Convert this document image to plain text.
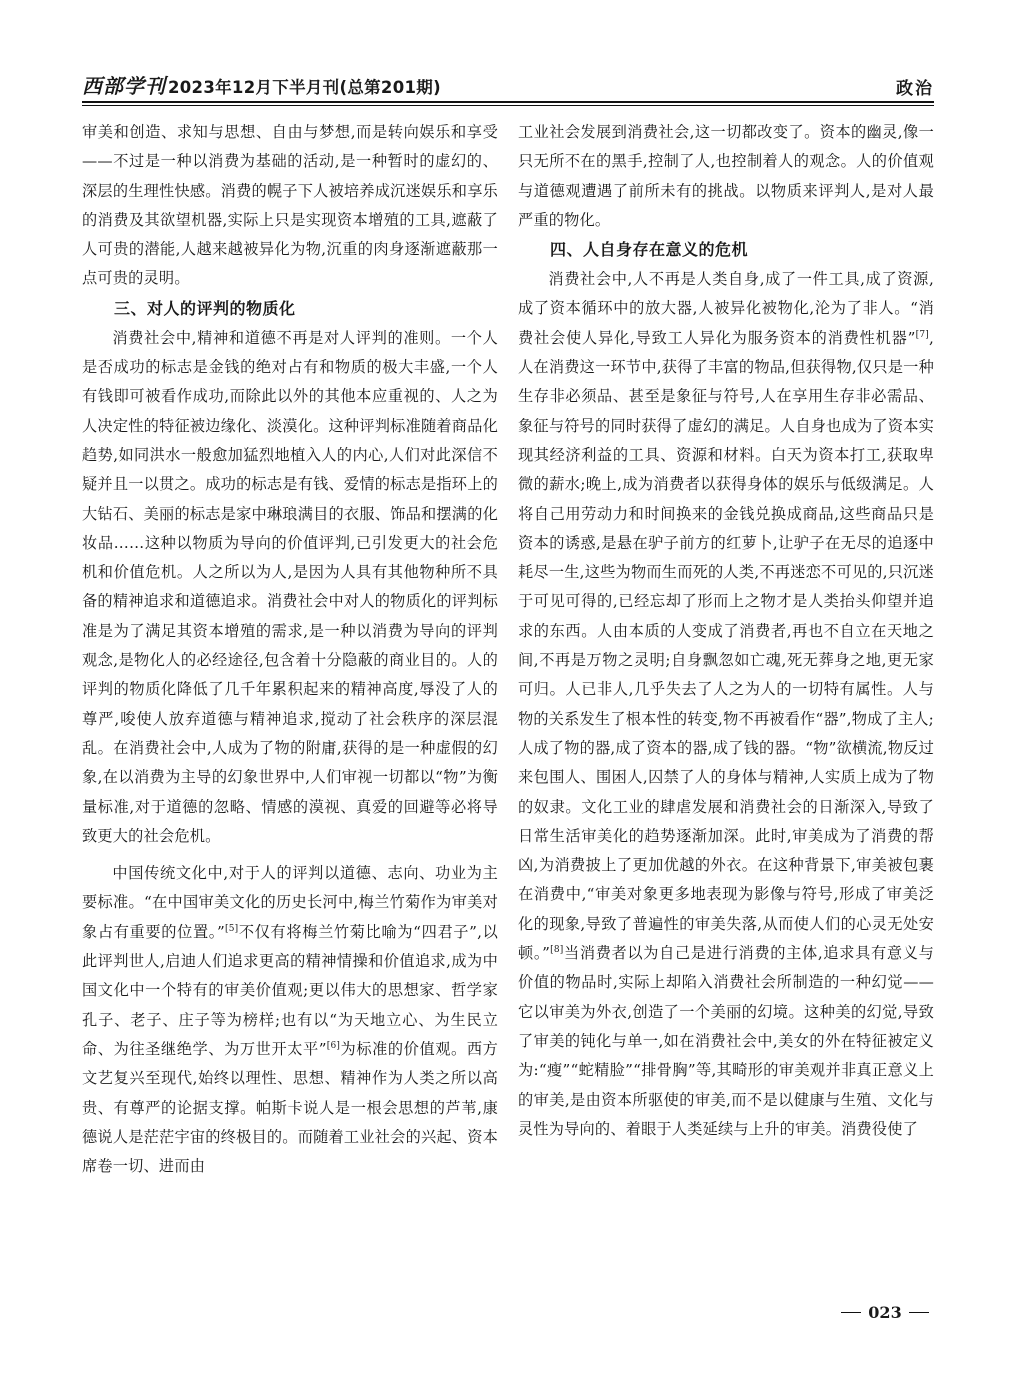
西部学刊 2023年12月下半月刊(总第201期)	政治

审美和创造、求知与思想、自由与梦想,而是转向娱乐和享受——不过是一种以消费为基础的活动,是一种暂时的虚幻的、深层的生理性快感。消费的幌子下人被培养成沉迷娱乐和享乐的消费及其欲望机器,实际上只是实现资本增殖的工具,遮蔽了人可贵的潜能,人越来越被异化为物,沉重的肉身逐渐遮蔽那一点可贵的灵明。

三、对人的评判的物质化

消费社会中,精神和道德不再是对人评判的准则。一个人是否成功的标志是金钱的绝对占有和物质的极大丰盛,一个人有钱即可被看作成功,而除此以外的其他本应重视的、人之为人决定性的特征被边缘化、淡漠化。这种评判标准随着商品化趋势,如同洪水一般愈加猛烈地植入人的内心,人们对此深信不疑并且一以贯之。成功的标志是有钱、爱情的标志是指环上的大钻石、美丽的标志是家中琳琅满目的衣服、饰品和摆满的化妆品……这种以物质为导向的价值评判,已引发更大的社会危机和价值危机。人之所以为人,是因为人具有其他物种所不具备的精神追求和道德追求。消费社会中对人的物质化的评判标准是为了满足其资本增殖的需求,是一种以消费为导向的评判观念,是物化人的必经途径,包含着十分隐蔽的商业目的。人的评判的物质化降低了几千年累积起来的精神高度,辱没了人的尊严,唆使人放弃道德与精神追求,搅动了社会秩序的深层混乱。在消费社会中,人成为了物的附庸,获得的是一种虚假的幻象,在以消费为主导的幻象世界中,人们审视一切都以“物”为衡量标准,对于道德的忽略、情感的漠视、真爱的回避等必将导致更大的社会危机。

中国传统文化中,对于人的评判以道德、志向、功业为主要标准。“在中国审美文化的历史长河中,梅兰竹菊作为审美对象占有重要的位置。”[5]不仅有将梅兰竹菊比喻为“四君子”,以此评判世人,启迪人们追求更高的精神情操和价值追求,成为中国文化中一个特有的审美价值观;更以伟大的思想家、哲学家孔子、老子、庄子等为榜样;也有以“为天地立心、为生民立命、为往圣继绝学、为万世开太平”[6]为标准的价值观。西方文艺复兴至现代,始终以理性、思想、精神作为人类之所以高贵、有尊严的论据支撑。帕斯卡说人是一根会思想的芦苇,康德说人是茫茫宇宙的终极目的。而随着工业社会的兴起、资本席卷一切、进而由

工业社会发展到消费社会,这一切都改变了。资本的幽灵,像一只无所不在的黑手,控制了人,也控制着人的观念。人的价值观与道德观遭遇了前所未有的挑战。以物质来评判人,是对人最严重的物化。

四、人自身存在意义的危机

消费社会中,人不再是人类自身,成了一件工具,成了资源,成了资本循环中的放大器,人被异化被物化,沦为了非人。“消费社会使人异化,导致工人异化为服务资本的消费性机器”[7],人在消费这一环节中,获得了丰富的物品,但获得物,仅只是一种生存非必须品、甚至是象征与符号,人在享用生存非必需品、象征与符号的同时获得了虚幻的满足。人自身也成为了资本实现其经济利益的工具、资源和材料。白天为资本打工,获取卑微的薪水;晚上,成为消费者以获得身体的娱乐与低级满足。人将自己用劳动力和时间换来的金钱兑换成商品,这些商品只是资本的诱惑,是悬在驴子前方的红萝卜,让驴子在无尽的追逐中耗尽一生,这些为物而生而死的人类,不再迷恋不可见的,只沉迷于可见可得的,已经忘却了形而上之物才是人类抬头仰望并追求的东西。人由本质的人变成了消费者,再也不自立在天地之间,不再是万物之灵明;自身飘忽如亡魂,死无葬身之地,更无家可归。人已非人,几乎失去了人之为人的一切特有属性。人与物的关系发生了根本性的转变,物不再被看作“器”,物成了主人;人成了物的器,成了资本的器,成了钱的器。“物”欲横流,物反过来包围人、围困人,囚禁了人的身体与精神,人实质上成为了物的奴隶。文化工业的肆虐发展和消费社会的日渐深入,导致了日常生活审美化的趋势逐渐加深。此时,审美成为了消费的帮凶,为消费披上了更加优越的外衣。在这种背景下,审美被包裹在消费中,“审美对象更多地表现为影像与符号,形成了审美泛化的现象,导致了普遍性的审美失落,从而使人们的心灵无处安顿。”[8]当消费者以为自己是进行消费的主体,追求具有意义与价值的物品时,实际上却陷入消费社会所制造的一种幻觉——它以审美为外衣,创造了一个美丽的幻境。这种美的幻觉,导致了审美的钝化与单一,如在消费社会中,美女的外在特征被定义为:“瘦”“蛇精脸”“排骨胸”等,其畸形的审美观并非真正意义上的审美,是由资本所驱使的审美,而不是以健康与生殖、文化与灵性为导向的、着眼于人类延续与上升的审美。消费役使了

023
